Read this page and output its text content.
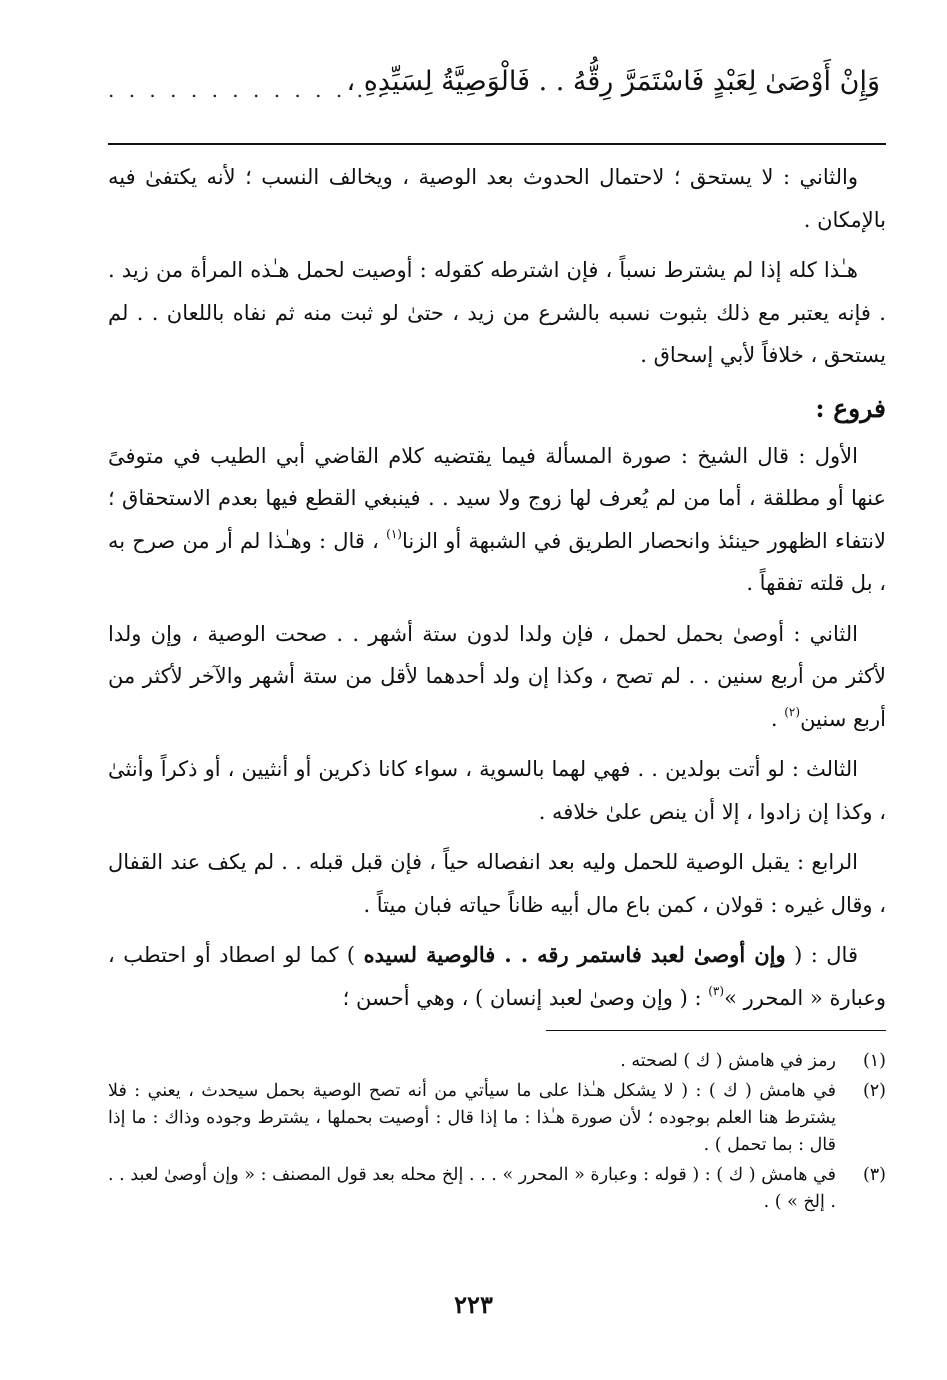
وَإِنْ أَوْصَىٰ لِعَبْدٍ فَاسْتَمَرَّ رِقُّهُ . . فَالْوَصِيَّةُ لِسَيِّدِهِ ،
. . . . . . . . . . . . . .

والثاني : لا يستحق ؛ لاحتمال الحدوث بعد الوصية ، ويخالف النسب ؛ لأنه يكتفىٰ فيه بالإمكان .

هـٰذا كله إذا لم يشترط نسباً ، فإن اشترطه كقوله : أوصيت لحمل هـٰذه المرأة من زيد . . فإنه يعتبر مع ذلك بثبوت نسبه بالشرع من زيد ، حتىٰ لو ثبت منه ثم نفاه باللعان . . لم يستحق ، خلافاً لأبي إسحاق .

فروع :

الأول : قال الشيخ : صورة المسألة فيما يقتضيه كلام القاضي أبي الطيب في متوفىً عنها أو مطلقة ، أما من لم يُعرف لها زوج ولا سيد . . فينبغي القطع فيها بعدم الاستحقاق ؛ لانتفاء الظهور حينئذ وانحصار الطريق في الشبهة أو الزنا$^{(١)}$ ، قال : وهـٰذا لم أر من صرح به ، بل قلته تفقهاً .

الثاني : أوصىٰ بحمل لحمل ، فإن ولدا لدون ستة أشهر . . صحت الوصية ، وإن ولدا لأكثر من أربع سنين . . لم تصح ، وكذا إن ولد أحدهما لأقل من ستة أشهر والآخر لأكثر من أربع سنين$^{(٢)}$ .

الثالث : لو أتت بولدين . . فهي لهما بالسوية ، سواء كانا ذكرين أو أنثيين ، أو ذكراً وأنثىٰ ، وكذا إن زادوا ، إلا أن ينص علىٰ خلافه .

الرابع : يقبل الوصية للحمل وليه بعد انفصاله حياً ، فإن قبل قبله . . لم يكف عند القفال ، وقال غيره : قولان ، كمن باع مال أبيه ظاناً حياته فبان ميتاً .

قال : ( وإن أوصىٰ لعبد فاستمر رقه . . فالوصية لسيده ) كما لو اصطاد أو احتطب ، وعبارة « المحرر »$^{(٣)}$ : ( وإن وصىٰ لعبد إنسان ) ، وهي أحسن ؛

(١)
رمز في هامش ( ك ) لصحته .
(٢)
في هامش ( ك ) : ( لا يشكل هـٰذا على ما سيأتي من أنه تصح الوصية بحمل سيحدث ، يعني : فلا يشترط هنا العلم بوجوده ؛ لأن صورة هـٰذا : ما إذا قال : أوصيت بحملها ، يشترط وجوده وذاك : ما إذا قال : بما تحمل ) .
(٣)
في هامش ( ك ) : ( قوله : وعبارة « المحرر » . . . إلخ محله بعد قول المصنف : « وإن أوصىٰ لعبد . . . إلخ » ) .
٢٢٣
